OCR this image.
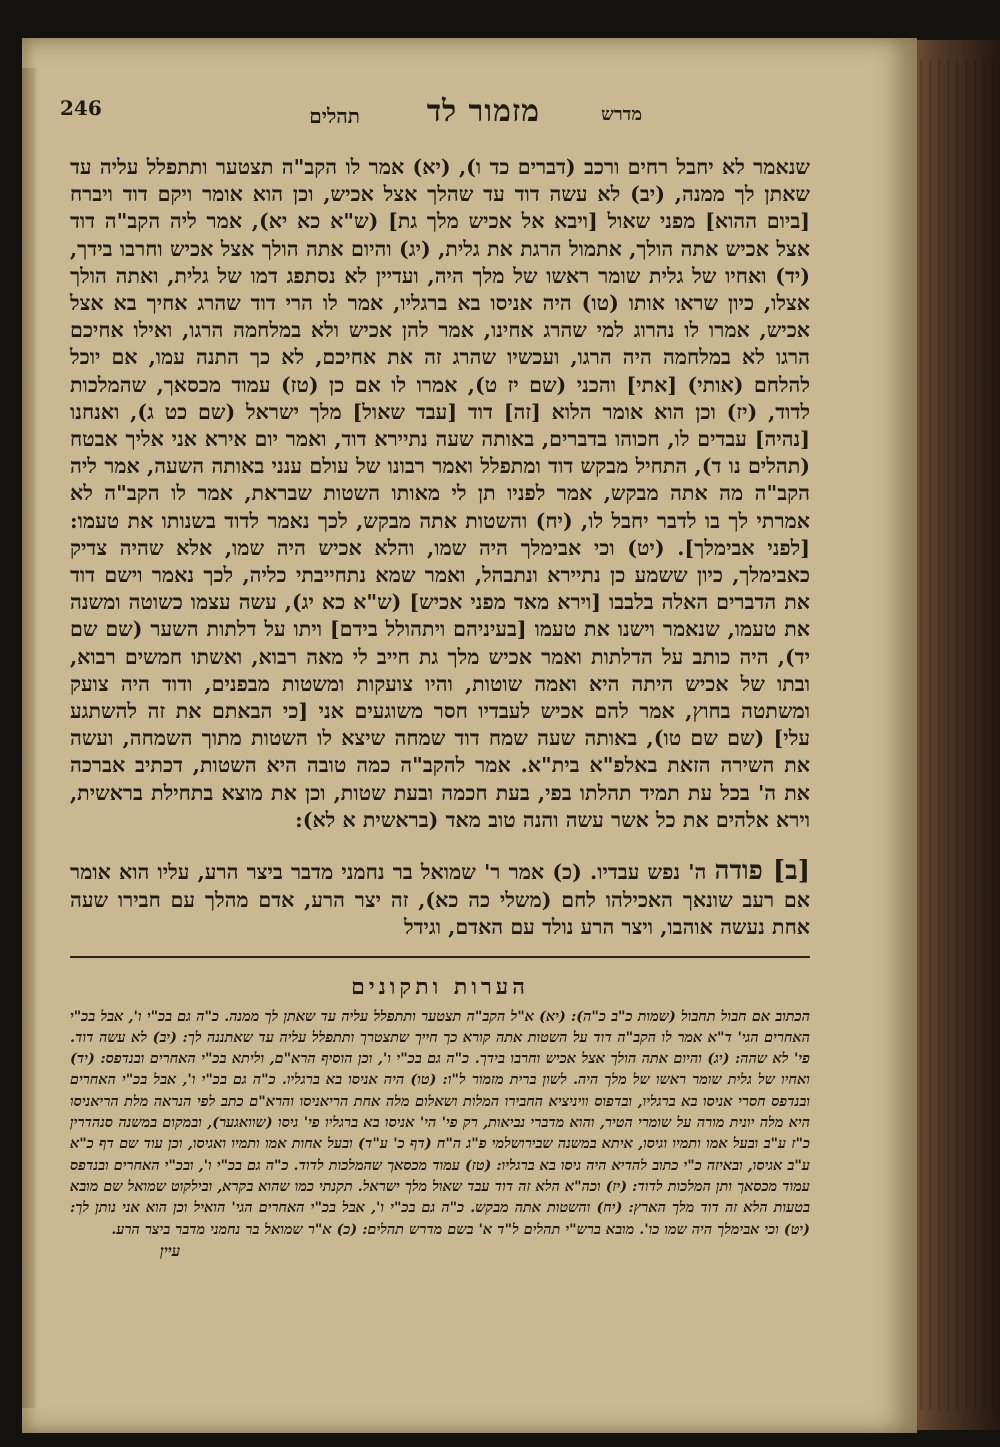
מדרש
מזמור לד
תהלים
246

שנאמר לא יחבל רחים ורכב (דברים כד ו), (יא) אמר לו הקב"ה תצטער ותתפלל עליה עד שאתן לך ממנה, (יב) לא עשה דוד עד שהלך אצל אכיש, וכן הוא אומר ויקם דוד ויברח [ביום ההוא] מפני שאול [ויבא אל אכיש מלך גת] (ש"א כא יא), אמר ליה הקב"ה דוד אצל אכיש אתה הולך, אתמול הרגת את גלית, (יג) והיום אתה הולך אצל אכיש וחרבו בידך, (יד) ואחיו של גלית שומר ראשו של מלך היה, ועדיין לא נסתפג דמו של גלית, ואתה הולך אצלו, כיון שראו אותו (טו) היה אניסו בא ברגליו, אמר לו הרי דוד שהרג אחיך בא אצל אכיש, אמרו לו נהרוג למי שהרג אחינו, אמר להן אכיש ולא במלחמה הרגו, ואילו אחיכם הרגו לא במלחמה היה הרגו, ועכשיו שהרג זה את אחיכם, לא כך התנה עמו, אם יוכל להלחם (אותי) [אתי] והכני (שם יז ט), אמרו לו אם כן (טז) עמוד מכסאך, שהמלכות לדוד, (יז) וכן הוא אומר הלוא [זה] דוד [עבד שאול] מלך ישראל (שם כט ג), ואנחנו [נהיה] עבדים לו, חכוהו בדברים, באותה שעה נתיירא דוד, ואמר יום אירא אני אליך אבטח (תהלים נו ד), התחיל מבקש דוד ומתפלל ואמר רבונו של עולם ענני באותה השעה, אמר ליה הקב"ה מה אתה מבקש, אמר לפניו תן לי מאותו השטות שבראת, אמר לו הקב"ה לא אמרתי לך בו לדבר יחבל לו, (יח) והשטות אתה מבקש, לכך נאמר לדוד בשנותו את טעמו: [לפני אבימלך]. (יט) וכי אבימלך היה שמו, והלא אכיש היה שמו, אלא שהיה צדיק כאבימלך, כיון ששמע כן נתיירא ונתבהל, ואמר שמא נתחייבתי כליה, לכך נאמר וישם דוד את הדברים האלה בלבבו [וירא מאד מפני אכיש] (ש"א כא יג), עשה עצמו כשוטה ומשנה את טעמו, שנאמר וישנו את טעמו [בעיניהם ויתהולל בידם] ויתו על דלתות השער (שם שם יד), היה כותב על הדלתות ואמר אכיש מלך גת חייב לי מאה רבוא, ואשתו חמשים רבוא, ובתו של אכיש היתה היא ואמה שוטות, והיו צועקות ומשטות מבפנים, ודוד היה צועק ומשתטה בחוץ, אמר להם אכיש לעבדיו חסר משוגעים אני [כי הבאתם את זה להשתגע עלי] (שם שם טו), באותה שעה שמח דוד שמחה שיצא לו השטות מתוך השמחה, ועשה את השירה הזאת באלפ"א בית"א. אמר להקב"ה כמה טובה היא השטות, דכתיב אברכה את ה' בכל עת תמיד תהלתו בפי, בעת חכמה ובעת שטות, וכן את מוצא בתחילת בראשית, וירא אלהים את כל אשר עשה והנה טוב מאד (בראשית א לא):

[ב] פודה ה' נפש עבדיו. (כ) אמר ר' שמואל בר נחמני מדבר ביצר הרע, עליו הוא אומר אם רעב שונאך האכילהו לחם (משלי כה כא), זה יצר הרע, אדם מהלך עם חבירו שעה אחת נעשה אוהבו, ויצר הרע נולד עם האדם, וגידל
הערות ותקונים
הכתוב אם חבול תחבול (שמות כ"ב כ"ה): (יא) א"ל הקב"ה תצטער ותתפלל עליה עד שאתן לך ממנה. כ"ה גם בכ"י ו', אבל בכ"י האחרים הגי' ד"א אמר לו הקב"ה דוד על השטות אתה קורא כך חייך שתצטרך ותתפלל עליה עד שאתננה לך: (יב) לא עשה דוד. פי' לא שהה: (יג) והיום אתה הולך אצל אכיש וחרבו בידך. כ"ה גם בכ"י ו', וכן הוסיף הרא"ם, וליתא בכ"י האחרים ובנדפס: (יד) ואחיו של גלית שומר ראשו של מלך היה. לשון ברית מזמור ל"ו: (טו) היה אניסו בא ברגליו. כ"ה גם בכ"י ו', אבל בכ"י האחרים ובנדפס חסרי אניסו בא ברגליו, ובדפוס וויניציא החבירו המלות ושאלום מלה אחת הריאניסו והרא"ם כתב לפי הנראה מלת הריאניסו היא מלה יונית מורה על שומרי הטיר, והוא מדברי נביאות, רק פי' הי' אניסו בא ברגליו פי' גיסו (שוואגער), ובמקום במשנה סנהדרין כ"ז ע"ב ובעל אמו ותמיו וגיסו, איתא במשנה שבירושלמי פ"ג ה"ח (דף כ' ע"ד) ובעל אחות אמו ותמיו ואגיסו, וכן עוד שם דף כ"א ע"ב אגיסו, ובאיזה כ"י כתוב להדיא היה גיסו בא ברגליו: (טז) עמוד מכסאך שהמלכות לדוד. כ"ה גם בכ"י ו', ובכ"י האחרים ובנדפס עמוד מכסאך ותן המלכות לדוד: (יז) וכה"א הלא זה דוד עבד שאול מלך ישראל. תקנתי כמו שהוא בקרא, ובילקוט שמואל שם מובא בטעות הלא זה דוד מלך הארץ: (יח) והשטות אתה מבקש. כ"ה גם בכ"י ו', אבל בכ"י האחרים הגי' הואיל וכן הוא אני נותן לך: (יט) וכי אבימלך היה שמו כו'. מובא ברש"י תהלים ל"ד א' בשם מדרש תהלים: (כ) א"ר שמואל בר נחמני מדבר ביצר הרע.
עיין
